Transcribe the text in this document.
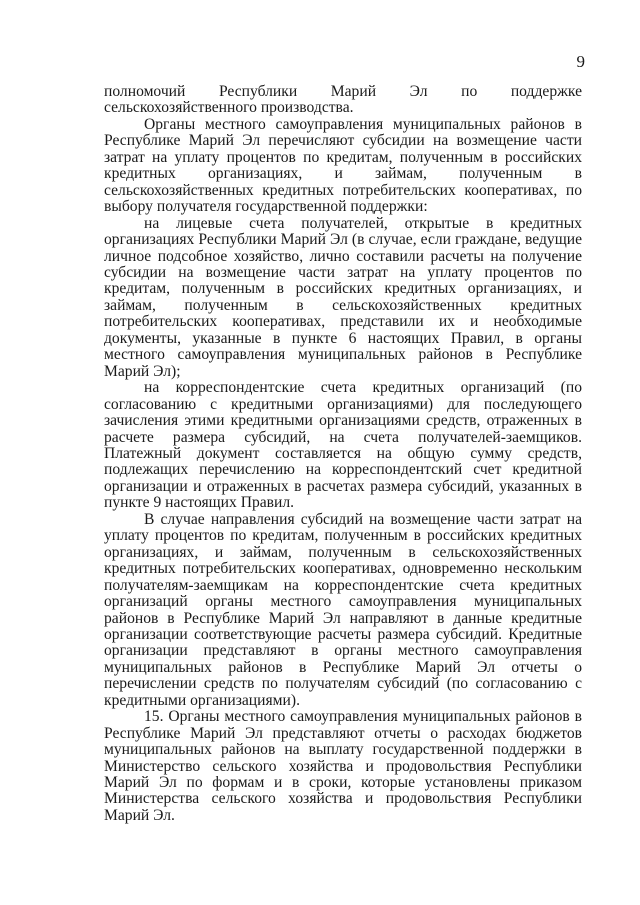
9

полномочий Республики Марий Эл по поддержке сельскохозяйственного производства.

Органы местного самоуправления муниципальных районов в Республике Марий Эл перечисляют субсидии на возмещение части затрат на уплату процентов по кредитам, полученным в российских кредитных организациях, и займам, полученным в сельскохозяйственных кредитных потребительских кооперативах, по выбору получателя государственной поддержки:

на лицевые счета получателей, открытые в кредитных организациях Республики Марий Эл (в случае, если граждане, ведущие личное подсобное хозяйство, лично составили расчеты на получение субсидии на возмещение части затрат на уплату процентов по кредитам, полученным в российских кредитных организациях, и займам, полученным в сельскохозяйственных кредитных потребительских кооперативах, представили их и необходимые документы, указанные в пункте 6 настоящих Правил, в органы местного самоуправления муниципальных районов в Республике Марий Эл);

на корреспондентские счета кредитных организаций (по согласованию с кредитными организациями) для последующего зачисления этими кредитными организациями средств, отраженных в расчете размера субсидий, на счета получателей-заемщиков. Платежный документ составляется на общую сумму средств, подлежащих перечислению на корреспондентский счет кредитной организации и отраженных в расчетах размера субсидий, указанных в пункте 9 настоящих Правил.

В случае направления субсидий на возмещение части затрат на уплату процентов по кредитам, полученным в российских кредитных организациях, и займам, полученным в сельскохозяйственных кредитных потребительских кооперативах, одновременно нескольким получателям-заемщикам на корреспондентские счета кредитных организаций органы местного самоуправления муниципальных районов в Республике Марий Эл направляют в данные кредитные организации соответствующие расчеты размера субсидий. Кредитные организации представляют в органы местного самоуправления муниципальных районов в Республике Марий Эл отчеты о перечислении средств по получателям субсидий (по согласованию с кредитными организациями).

15. Органы местного самоуправления муниципальных районов в Республике Марий Эл представляют отчеты о расходах бюджетов муниципальных районов на выплату государственной поддержки в Министерство сельского хозяйства и продовольствия Республики Марий Эл по формам и в сроки, которые установлены приказом Министерства сельского хозяйства и продовольствия Республики Марий Эл.
